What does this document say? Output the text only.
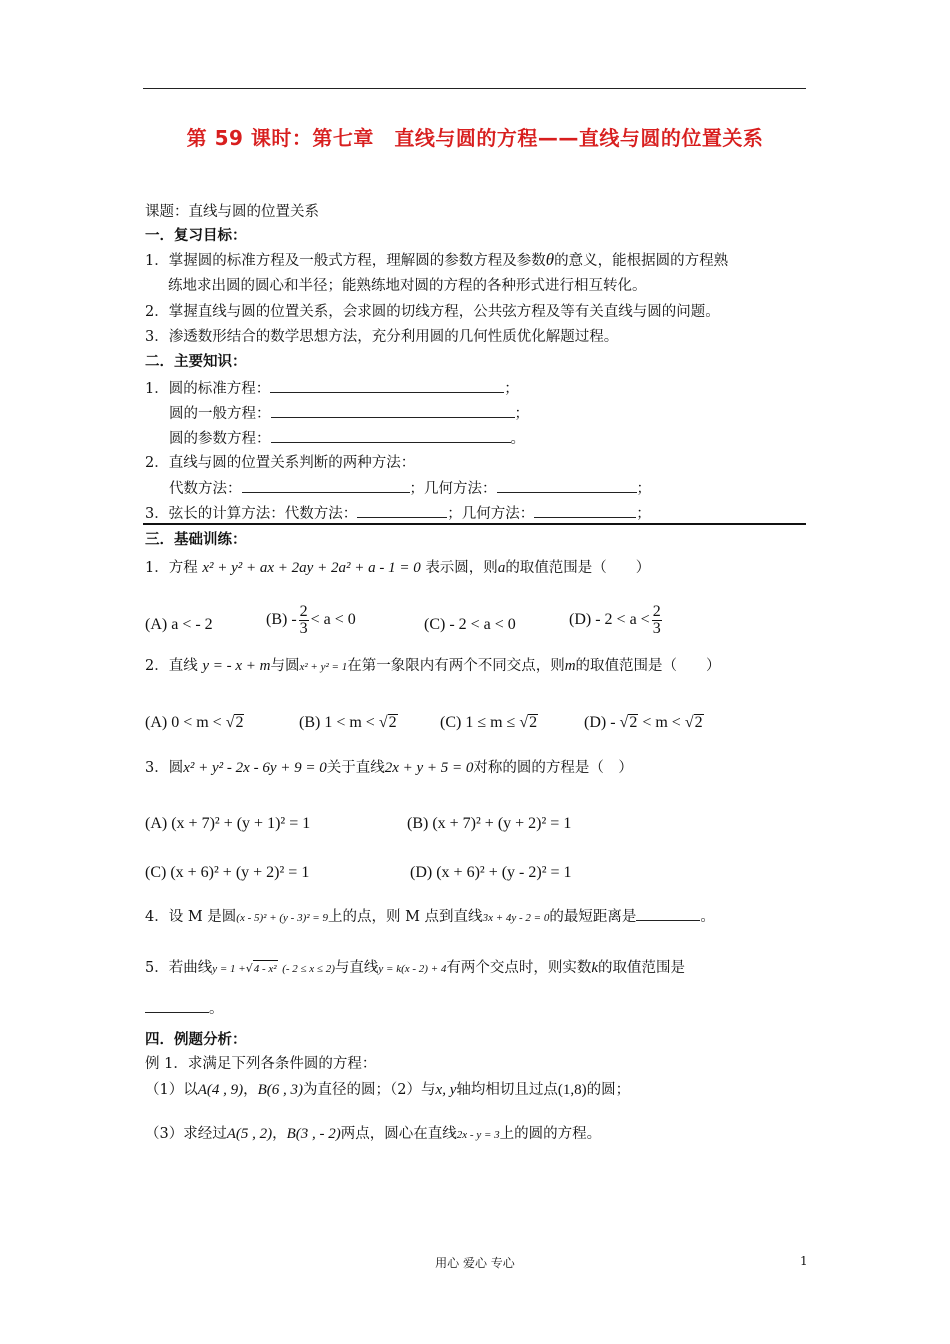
第 59 课时：第七章　直线与圆的方程——直线与圆的位置关系
课题：直线与圆的位置关系
一．复习目标：
1．掌握圆的标准方程及一般式方程，理解圆的参数方程及参数θ的意义，能根据圆的方程熟
练地求出圆的圆心和半径；能熟练地对圆的方程的各种形式进行相互转化。
2．掌握直线与圆的位置关系，会求圆的切线方程，公共弦方程及等有关直线与圆的问题。
3．渗透数形结合的数学思想方法，充分利用圆的几何性质优化解题过程。
二．主要知识：
1．圆的标准方程：	；
圆的一般方程：	；
圆的参数方程：	。
2．直线与圆的位置关系判断的两种方法：
代数方法：	；几何方法：	；
3．弦长的计算方法：代数方法：	；几何方法：	；
三．基础训练：
1．方程 x² + y² + ax + 2ay + 2a² + a - 1 = 0 表示圆，则a的取值范围是（　　）
(A) a < - 2	$(B) - \frac{2}{3} < a < 0$	(C) - 2 < a < 0	$(D) - 2 < a < \frac{2}{3}$
2．直线 y = - x + m与圆x² + y² = 1在第一象限内有两个不同交点，则m的取值范围是（　　）
(A) 0 < m < √2	(B) 1 < m < √2	(C) 1 ≤ m ≤ √2	(D) - √2 < m < √2
3．圆x² + y² - 2x - 6y + 9 = 0关于直线2x + y + 5 = 0对称的圆的方程是（　）
(A) (x + 7)² + (y + 1)² = 1	(B) (x + 7)² + (y + 2)² = 1
(C) (x + 6)² + (y + 2)² = 1	(D) (x + 6)² + (y - 2)² = 1
4．设 M 是圆(x - 5)² + (y - 3)² = 9上的点，则 M 点到直线3x + 4y - 2 = 0的最短距离是	。
5．若曲线y = 1 +√4 - x² (- 2 ≤ x ≤ 2)与直线y = k(x - 2) + 4有两个交点时，则实数k的取值范围是
。
四．例题分析：
例 1．求满足下列各条件圆的方程：
（1）以A(4 , 9)，B(6 , 3)为直径的圆；（2）与x, y轴均相切且过点(1,8)的圆；
（3）求经过A(5 , 2)，B(3 , - 2)两点，圆心在直线2x - y = 3上的圆的方程。
用心 爱心 专心	1
